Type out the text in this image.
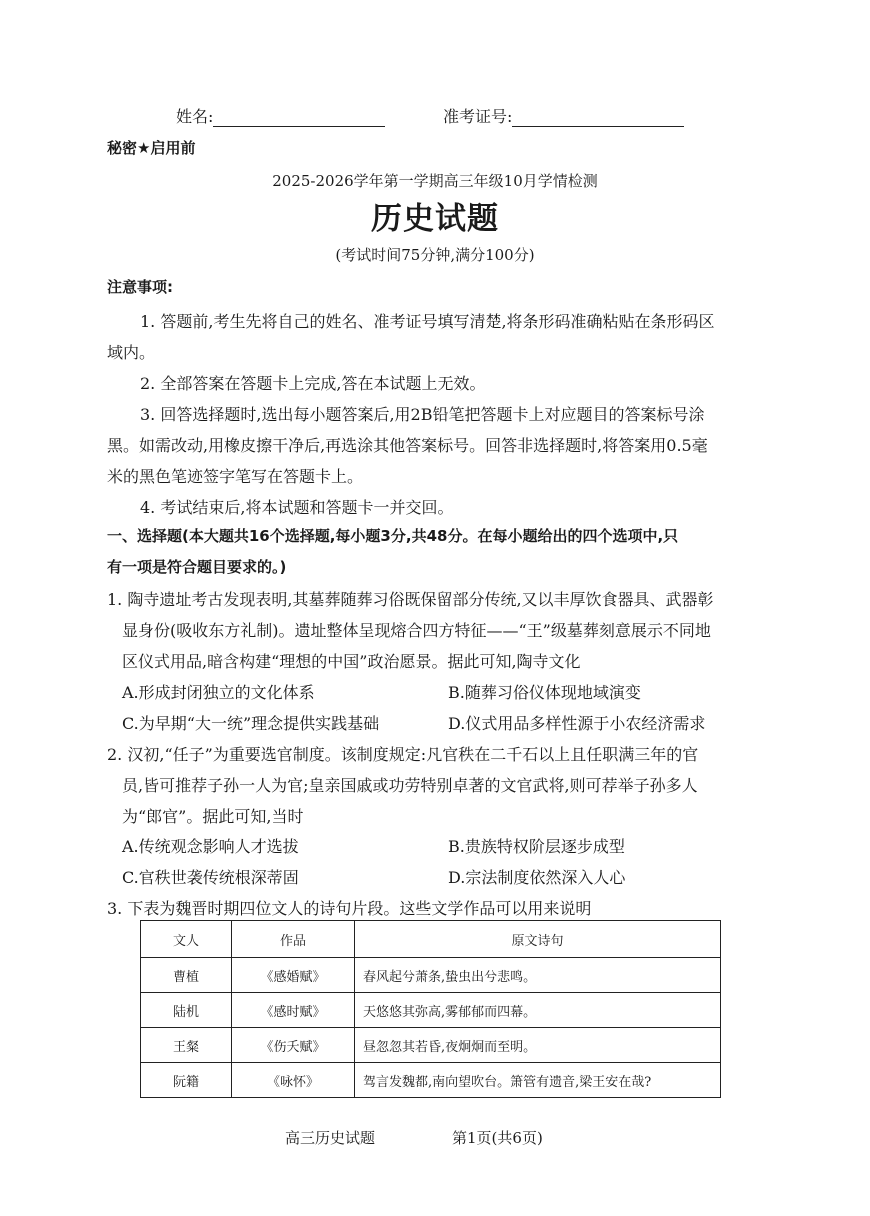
姓名:	准考证号:
秘密★启用前
2025-2026学年第一学期高三年级10月学情检测
历史试题
(考试时间75分钟,满分100分)
注意事项:
1. 答题前,考生先将自己的姓名、准考证号填写清楚,将条形码准确粘贴在条形码区
域内。
2. 全部答案在答题卡上完成,答在本试题上无效。
3. 回答选择题时,选出每小题答案后,用2B铅笔把答题卡上对应题目的答案标号涂
黑。如需改动,用橡皮擦干净后,再选涂其他答案标号。回答非选择题时,将答案用0.5毫
米的黑色笔迹签字笔写在答题卡上。
4. 考试结束后,将本试题和答题卡一并交回。
一、选择题(本大题共16个选择题,每小题3分,共48分。在每小题给出的四个选项中,只
有一项是符合题目要求的。)
1. 陶寺遗址考古发现表明,其墓葬随葬习俗既保留部分传统,又以丰厚饮食器具、武器彰
显身份(吸收东方礼制)。遗址整体呈现熔合四方特征——“王”级墓葬刻意展示不同地
区仪式用品,暗含构建“理想的中国”政治愿景。据此可知,陶寺文化
A.形成封闭独立的文化体系	B.随葬习俗仪体现地域演变
C.为早期“大一统”理念提供实践基础	D.仪式用品多样性源于小农经济需求
2. 汉初,“任子”为重要选官制度。该制度规定:凡官秩在二千石以上且任职满三年的官
员,皆可推荐子孙一人为官;皇亲国戚或功劳特别卓著的文官武将,则可荐举子孙多人
为“郎官”。据此可知,当时
A.传统观念影响人才选拔	B.贵族特权阶层逐步成型
C.官秩世袭传统根深蒂固	D.宗法制度依然深入人心
3. 下表为魏晋时期四位文人的诗句片段。这些文学作品可以用来说明
文人	作品	原文诗句
曹植	《感婚赋》	春风起兮萧条,蛰虫出兮悲鸣。
陆机	《感时赋》	天悠悠其弥高,雾郁郁而四幕。
王粲	《伤夭赋》	昼忽忽其若昏,夜炯炯而至明。
阮籍	《咏怀》	驾言发魏都,南向望吹台。箫管有遗音,梁王安在哉?
高三历史试题	第1页(共6页)
